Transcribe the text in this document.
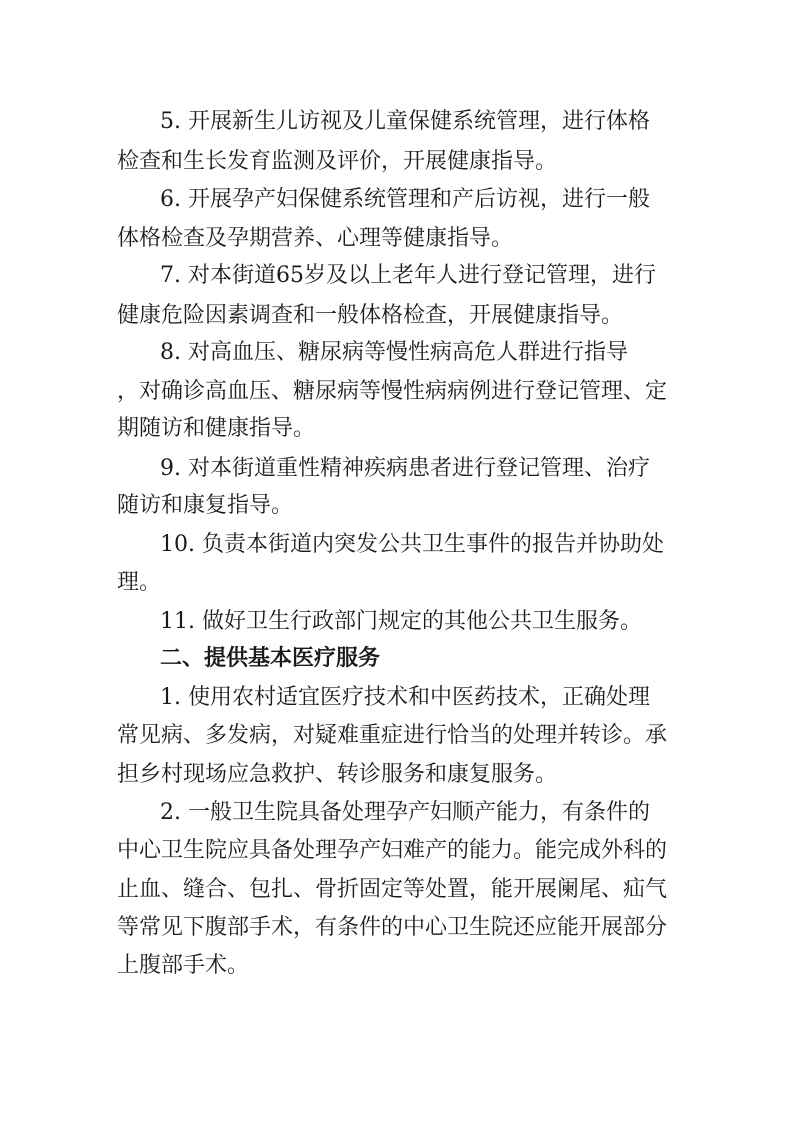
5. 开展新生儿访视及儿童保健系统管理，进行体格
检查和生长发育监测及评价，开展健康指导。
6. 开展孕产妇保健系统管理和产后访视，进行一般
体格检查及孕期营养、心理等健康指导。
7. 对本街道65岁及以上老年人进行登记管理，进行
健康危险因素调查和一般体格检查，开展健康指导。
8. 对高血压、糖尿病等慢性病高危人群进行指导
，对确诊高血压、糖尿病等慢性病病例进行登记管理、定
期随访和健康指导。
9. 对本街道重性精神疾病患者进行登记管理、治疗
随访和康复指导。
10. 负责本街道内突发公共卫生事件的报告并协助处
理。
11. 做好卫生行政部门规定的其他公共卫生服务。
二、提供基本医疗服务
1. 使用农村适宜医疗技术和中医药技术，正确处理
常见病、多发病，对疑难重症进行恰当的处理并转诊。承
担乡村现场应急救护、转诊服务和康复服务。
2. 一般卫生院具备处理孕产妇顺产能力，有条件的
中心卫生院应具备处理孕产妇难产的能力。能完成外科的
止血、缝合、包扎、骨折固定等处置，能开展阑尾、疝气
等常见下腹部手术，有条件的中心卫生院还应能开展部分
上腹部手术。
